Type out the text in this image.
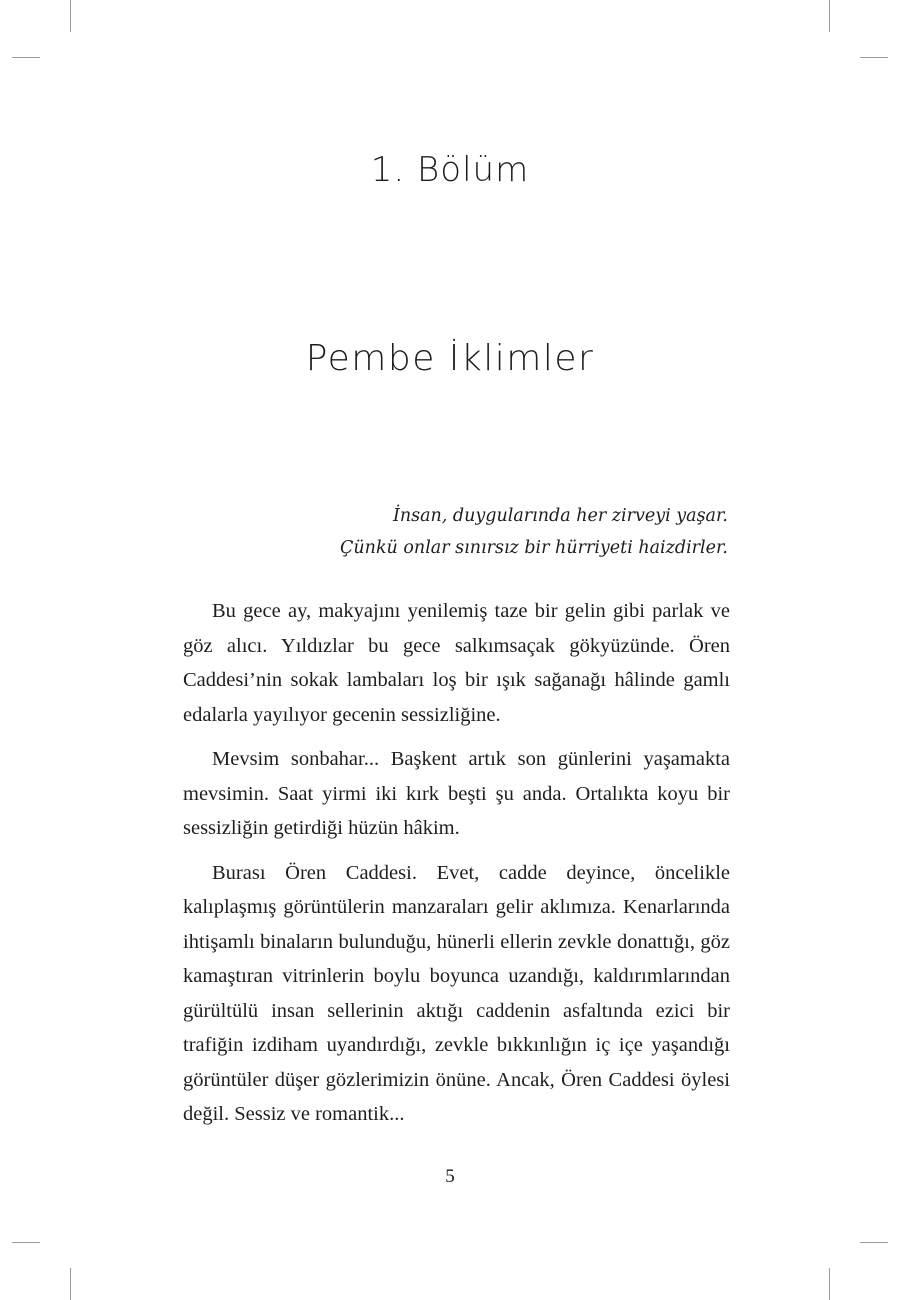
1. Bölüm
Pembe İklimler
İnsan, duygularında her zirveyi yaşar.
Çünkü onlar sınırsız bir hürriyeti haizdirler.

Bu gece ay, makyajını yenilemiş taze bir gelin gibi parlak ve göz alıcı. Yıldızlar bu gece salkımsaçak gökyüzünde. Ören Caddesi’nin sokak lambaları loş bir ışık sağanağı hâlinde gamlı edalarla yayılıyor gecenin sessizliğine.

Mevsim sonbahar... Başkent artık son günlerini yaşamakta mevsimin. Saat yirmi iki kırk beşti şu anda. Ortalıkta koyu bir sessizliğin getirdiği hüzün hâkim.

Burası Ören Caddesi. Evet, cadde deyince, öncelikle kalıplaşmış görüntülerin manzaraları gelir aklımıza. Kenarlarında ihtişamlı binaların bulunduğu, hünerli ellerin zevkle donattığı, göz kamaştıran vitrinlerin boylu boyunca uzandığı, kaldırımlarından gürültülü insan sellerinin aktığı caddenin asfaltında ezici bir trafiğin izdiham uyandırdığı, zevkle bıkkınlığın iç içe yaşandığı görüntüler düşer gözlerimizin önüne. Ancak, Ören Caddesi öylesi değil. Sessiz ve romantik...

5
